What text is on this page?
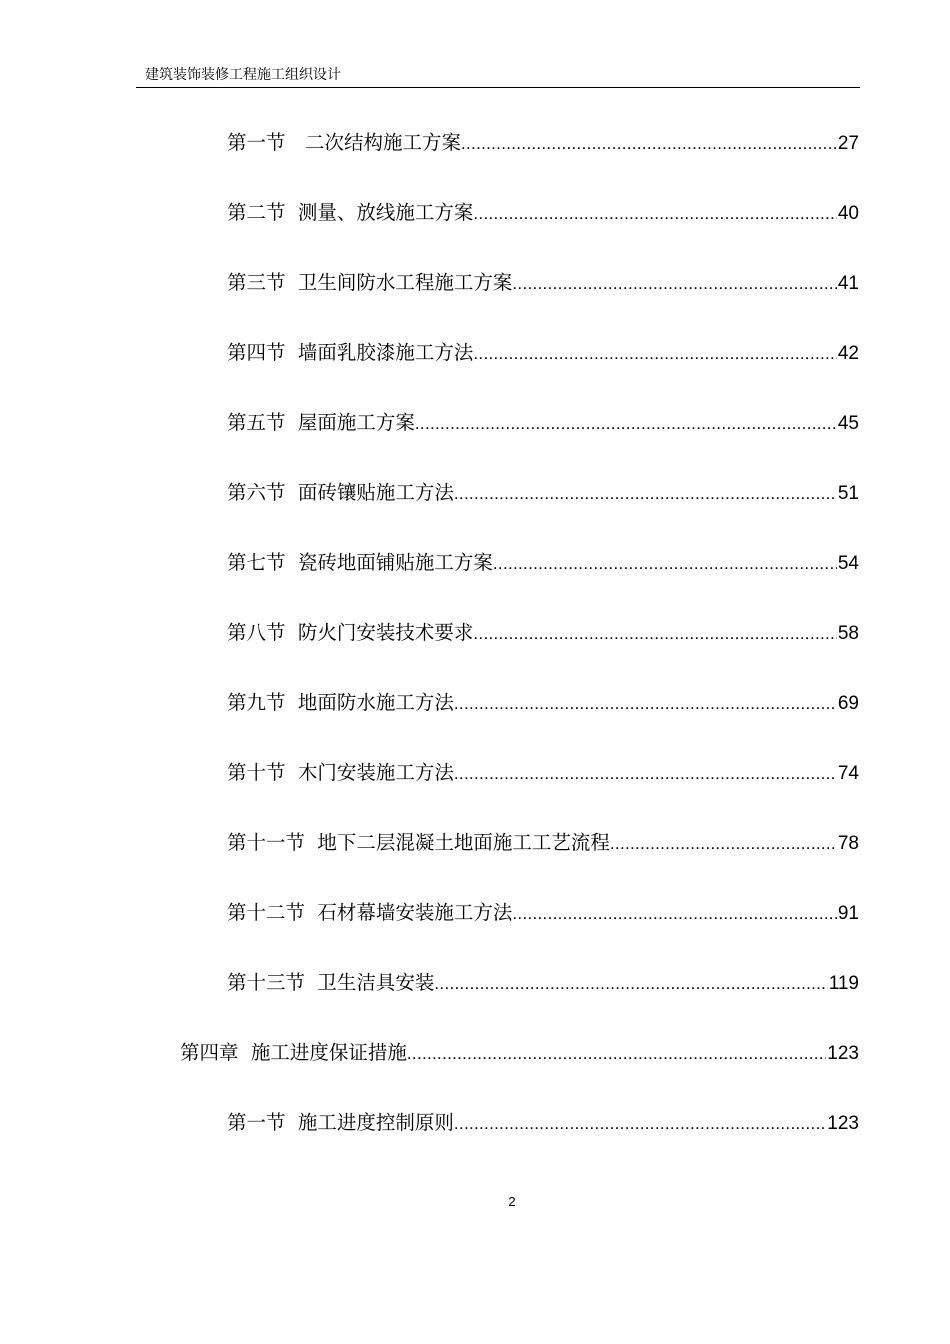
建筑装饰装修工程施工组织设计
第一节　二次结构施工方案 .....	27
第二节  测量、放线施工方案 .....	40
第三节  卫生间防水工程施工方案 .....	41
第四节  墙面乳胶漆施工方法 .....	42
第五节  屋面施工方案 .....	45
第六节  面砖镶贴施工方法 .....	51
第七节  瓷砖地面铺贴施工方案 .....	54
第八节  防火门安装技术要求 .....	58
第九节  地面防水施工方法 .....	69
第十节  木门安装施工方法 .....	74
第十一节  地下二层混凝土地面施工工艺流程 .....	78
第十二节  石材幕墙安装施工方法 .....	91
第十三节  卫生洁具安装 .....	119
第四章  施工进度保证措施 .....	123
第一节  施工进度控制原则 .....	123
2
